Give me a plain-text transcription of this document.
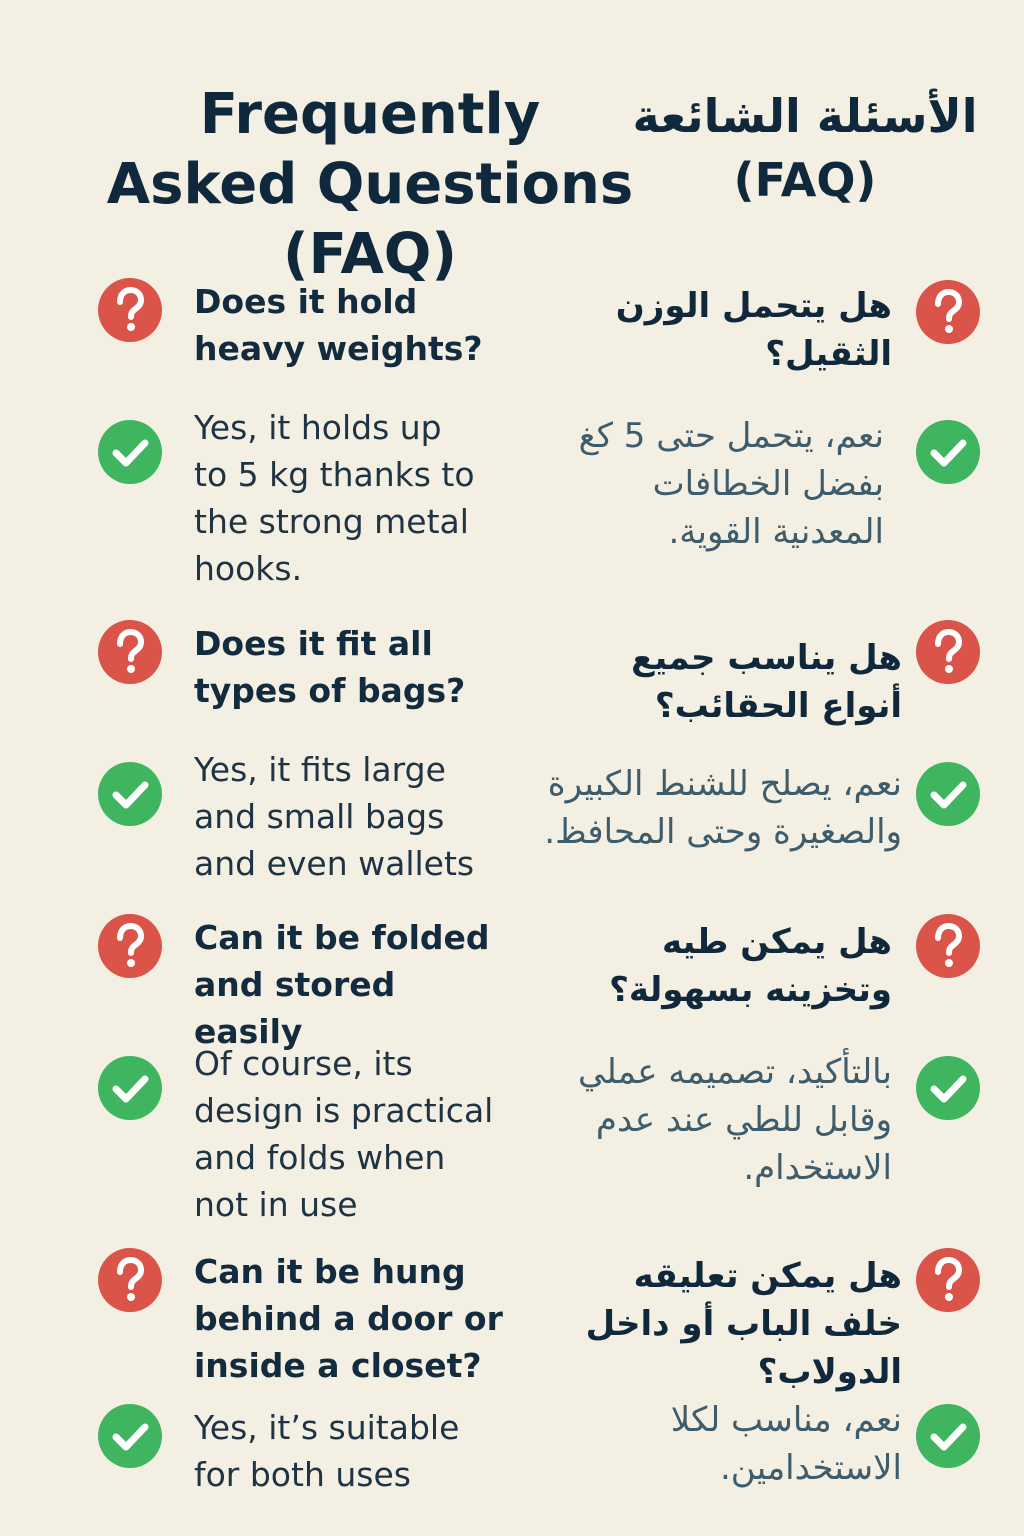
Frequently Asked Questions (FAQ)
الأسئلة الشائعة
(FAQ)
Does it hold heavy weights?
هل يتحمل الوزن الثقيل؟
Yes, it holds up to 5 kg thanks to the strong metal hooks.
نعم، يتحمل حتى 5 كغ بفضل الخطافات المعدنية القوية.
Does it fit all types of bags?
هل يناسب جميع أنواع الحقائب؟
Yes, it fits large and small bags and even wallets
نعم، يصلح للشنط الكبيرة والصغيرة وحتى المحافظ.
Can it be folded and stored easily
هل يمكن طيه وتخزينه بسهولة؟
Of course, its design is practical and folds when not in use
بالتأكيد، تصميمه عملي وقابل للطي عند عدم الاستخدام.
Can it be hung behind a door or inside a closet?
هل يمكن تعليقه خلف الباب أو داخل الدولاب؟
Yes, it’s suitable for both uses
نعم، مناسب لكلا الاستخدامين.
